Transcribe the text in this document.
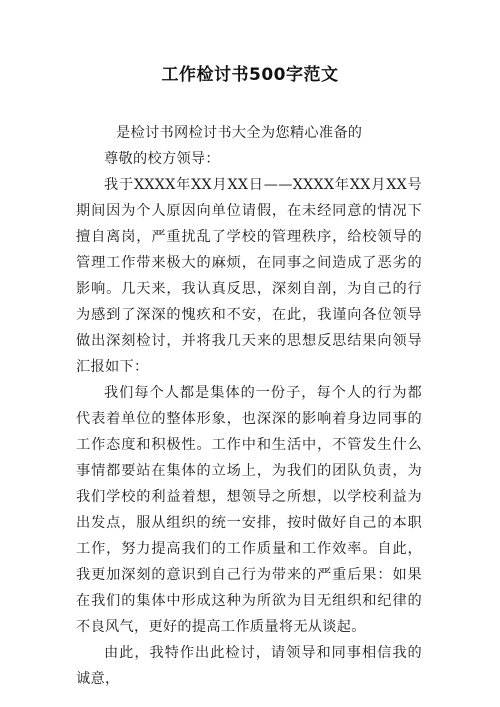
工作检讨书500字范文

是检讨书网检讨书大全为您精心准备的

尊敬的校方领导：

我于XXXX年XX月XX日——XXXX年XX月XX号期间因为个人原因向单位请假，在未经同意的情况下擅自离岗，严重扰乱了学校的管理秩序，给校领导的管理工作带来极大的麻烦，在同事之间造成了恶劣的影响。几天来，我认真反思，深刻自剖，为自己的行为感到了深深的愧疚和不安，在此，我谨向各位领导做出深刻检讨，并将我几天来的思想反思结果向领导汇报如下：

我们每个人都是集体的一份子，每个人的行为都代表着单位的整体形象，也深深的影响着身边同事的工作态度和积极性。工作中和生活中，不管发生什么事情都要站在集体的立场上，为我们的团队负责，为我们学校的利益着想，想领导之所想，以学校利益为出发点，服从组织的统一安排，按时做好自己的本职工作，努力提高我们的工作质量和工作效率。自此，我更加深刻的意识到自己行为带来的严重后果：如果在我们的集体中形成这种为所欲为目无组织和纪律的不良风气，更好的提高工作质量将无从谈起。

由此，我特作出此检讨，请领导和同事相信我的诚意，
